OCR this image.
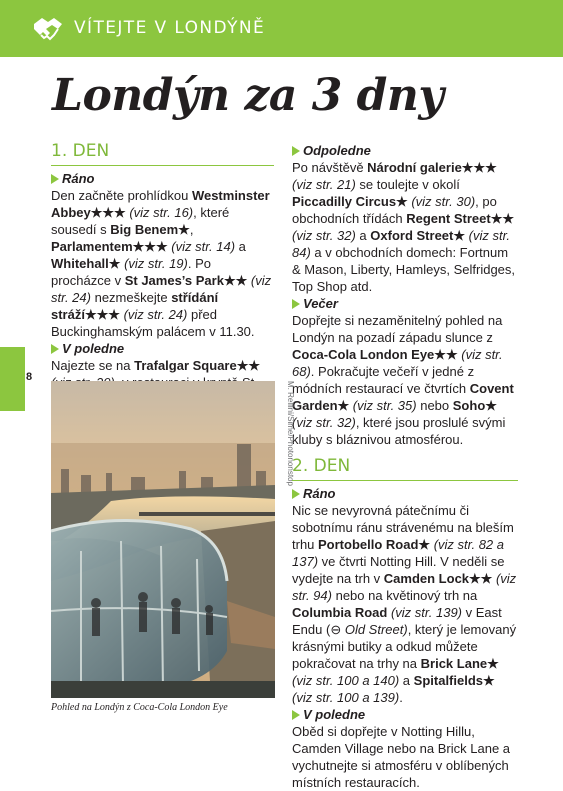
VÍTEJTE V LONDÝNĚ
Londýn za 3 dny
1. DEN
Ráno
Den začněte prohlídkou Westminster Abbey★★★ (viz str. 16), které sousedí s Big Benem★, Parlamentem★★★ (viz str. 14) a Whitehall★ (viz str. 19). Po procházce v St James’s Park★★ (viz str. 24) nezmeškejte střídání stráží★★★ (viz str. 24) před Buckinghamským palácem v 11.30.
V poledne
Najezte se na Trafalgar Square★★
Odpoledne
Po návštěvě Národní galerie★★★ (viz str. 21) se toulejte v okolí Piccadilly Circus★ (viz str. 30), po obchodních třídách Regent Street★★ (viz str. 32) a Oxford Street★ (viz str. 84) a v obchodních domech: Fortnum & Mason, Liberty, Hamleys, Selfridges, Top Shop atd.
Večer
Dopřejte si nezaměnitelný pohled na Londýn na pozadí západu slunce z Coca-Cola London Eye★★ (viz str. 68). Pokračujte večeří v jedné z módních restaurací ve čtvrtích Covent Garden★ (viz str. 35) nebo Soho★ (viz str. 32), které jsou proslulé svými kluby s bláznivou atmosférou.
2. DEN
Ráno
Nic se nevyrovná pátečnímu či sobotnímu ránu strávenému na bleším trhu Portobello Road★ (viz str. 82 a 137) ve čtvrti Notting Hill. V neděli se vydejte na trh v Camden Lock★★ (viz str. 94) nebo na květinový trh na Columbia Road (viz str. 139) v East Endu (⊖ Old Street), který je lemovaný krásnými butiky a odkud můžete pokračovat na trhy na Brick Lane★ (viz str. 100 a 140) a Spitalfields★ (viz str. 100 a 139).
V poledne
Oběd si dopřejte v Notting Hillu, Camden Village nebo na Brick Lane a vychutnejte si atmosféru v oblíbených místních restauracích.
8
M. Rellini/Sime/Photononstop
Pohled na Londýn z Coca-Cola London Eye
